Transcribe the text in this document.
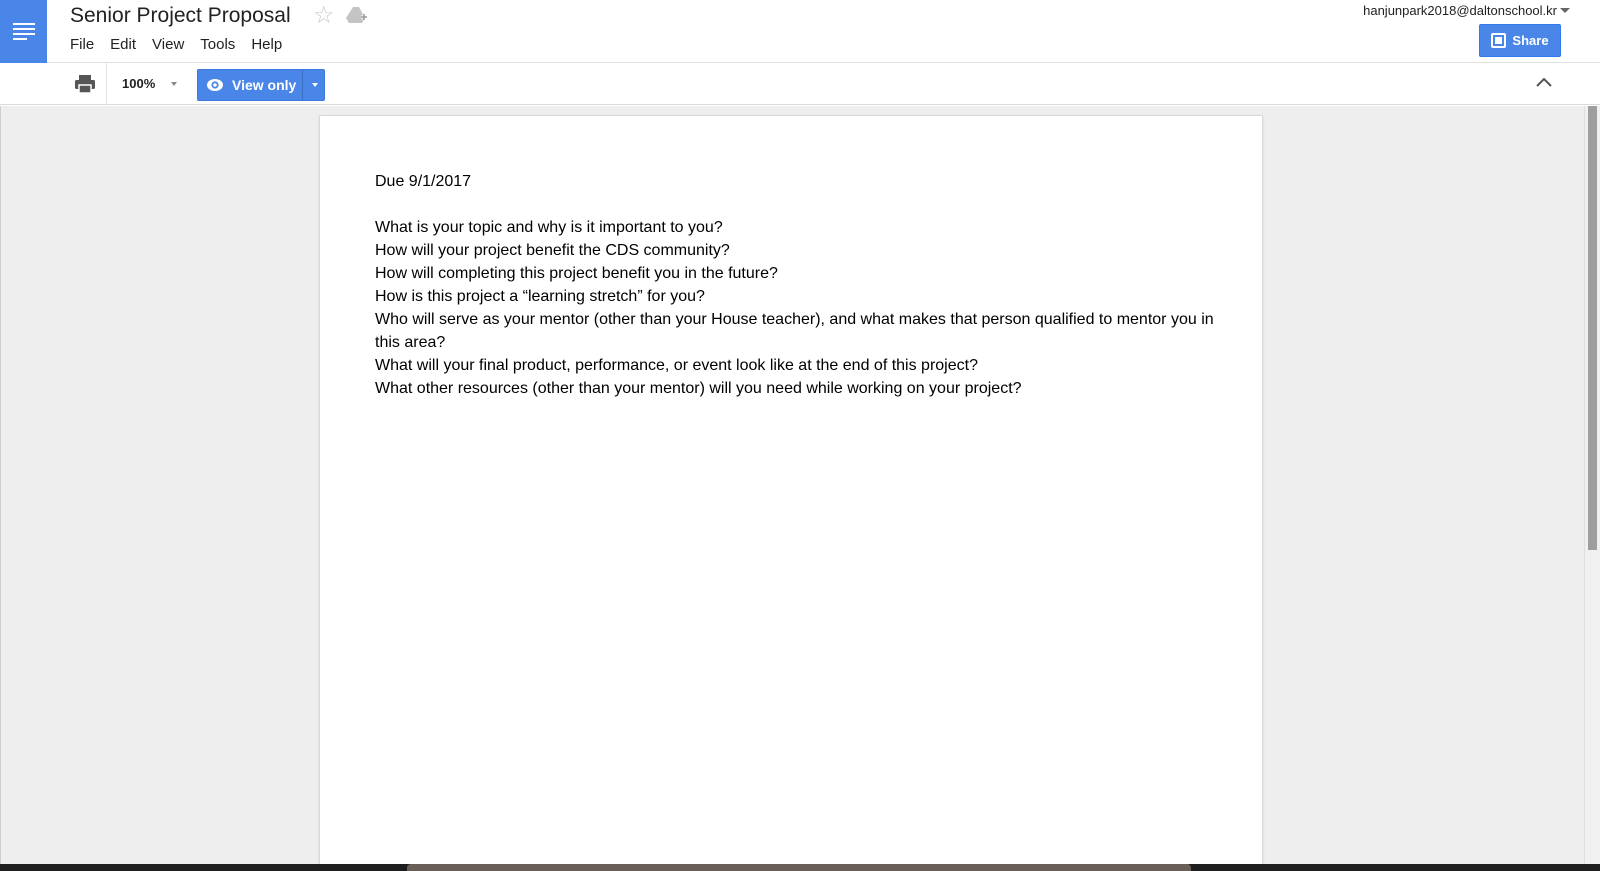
Senior Project Proposal ☆
File	Edit	View	Tools	Help
hanjunpark2018@daltonschool.kr
Share
100%	View only
Due 9/1/2017
What is your topic and why is it important to you?
How will your project benefit the CDS community?
How will completing this project benefit you in the future?
How is this project a “learning stretch” for you?
Who will serve as your mentor (other than your House teacher), and what makes that person qualified to mentor you in this area?
What will your final product, performance, or event look like at the end of this project?
What other resources (other than your mentor) will you need while working on your project?
